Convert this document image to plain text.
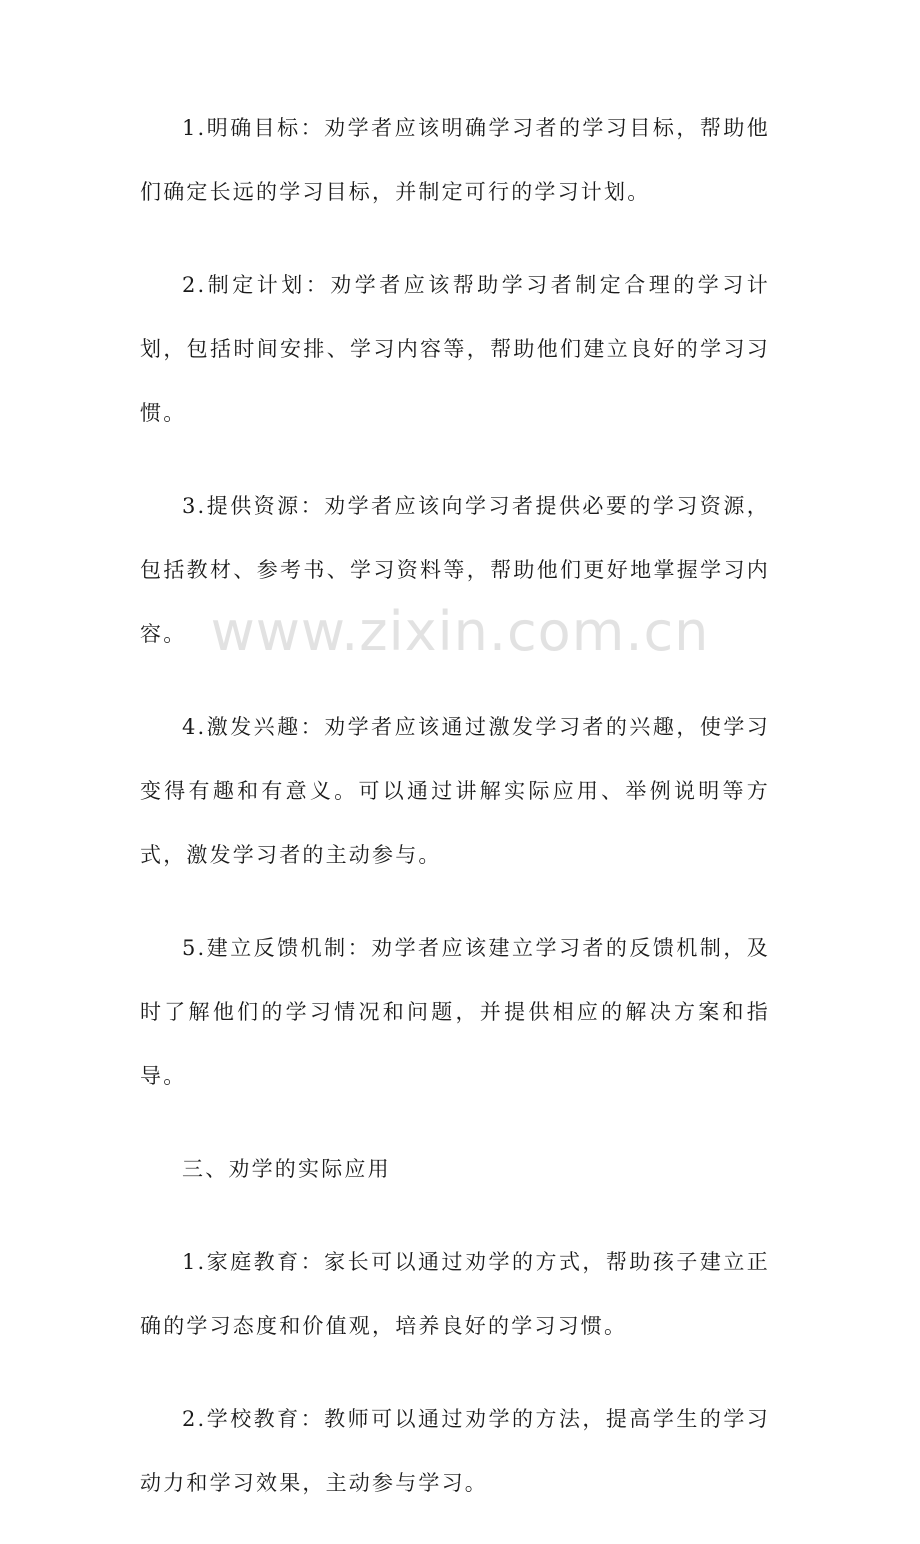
1.明确目标：劝学者应该明确学习者的学习目标，帮助他们确定长远的学习目标，并制定可行的学习计划。

2.制定计划：劝学者应该帮助学习者制定合理的学习计划，包括时间安排、学习内容等，帮助他们建立良好的学习习惯。

3.提供资源：劝学者应该向学习者提供必要的学习资源，包括教材、参考书、学习资料等，帮助他们更好地掌握学习内容。

4.激发兴趣：劝学者应该通过激发学习者的兴趣，使学习变得有趣和有意义。可以通过讲解实际应用、举例说明等方式，激发学习者的主动参与。

5.建立反馈机制：劝学者应该建立学习者的反馈机制，及时了解他们的学习情况和问题，并提供相应的解决方案和指导。

三、劝学的实际应用

1.家庭教育：家长可以通过劝学的方式，帮助孩子建立正确的学习态度和价值观，培养良好的学习习惯。

2.学校教育：教师可以通过劝学的方法，提高学生的学习动力和学习效果，主动参与学习。

www.zixin.com.cn
